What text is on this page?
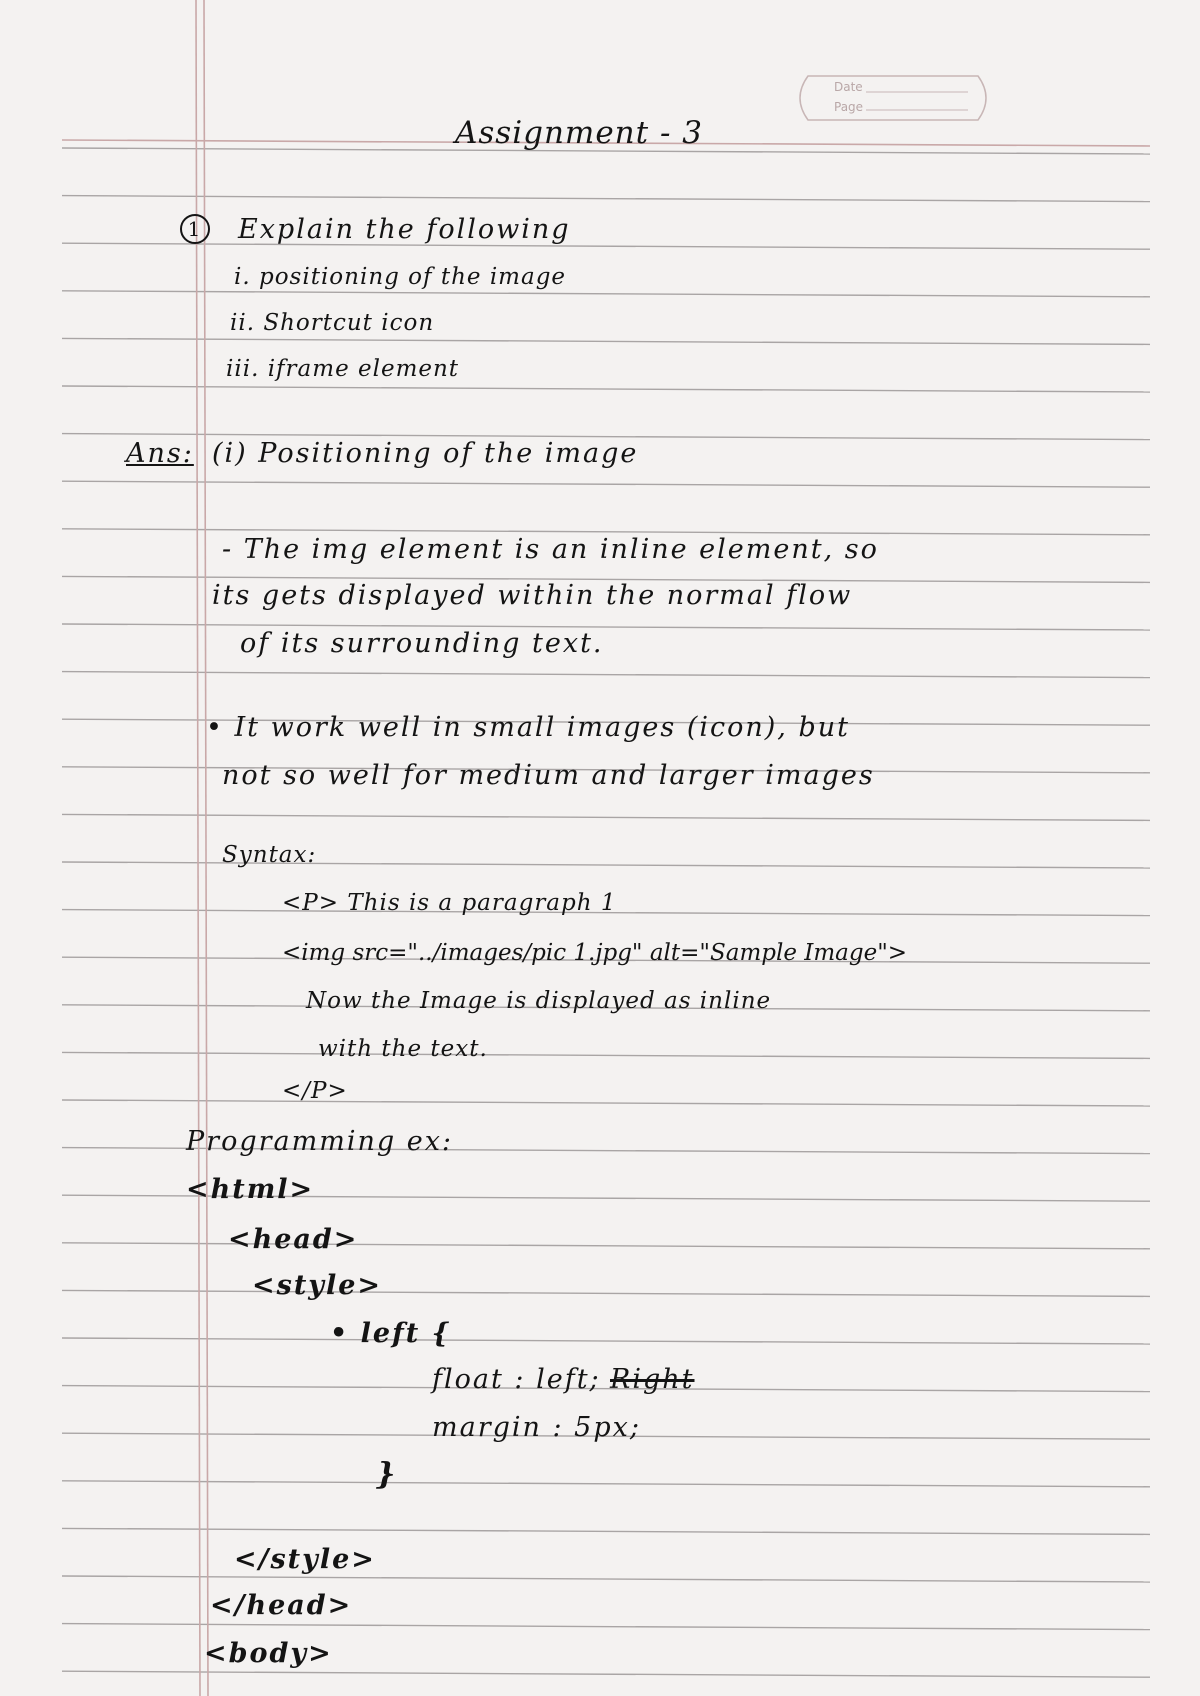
Date
Page
Assignment - 3
1 Explain the following
i. positioning of the image
ii. Shortcut icon
iii. iframe element
Ans: (i) Positioning of the image
- The img element is an inline element, so
its gets displayed within the normal flow
of its surrounding text.
• It work well in small images (icon), but
not so well for medium and larger images
Syntax:
<P> This is a paragraph 1
<img src="../images/pic 1.jpg" alt="Sample Image">
Now the Image is displayed as inline
with the text.
</P>
Programming ex:
<html>
<head>
<style>
• left {
float : left; Right
margin : 5px;
}
</style>
</head>
<body>
